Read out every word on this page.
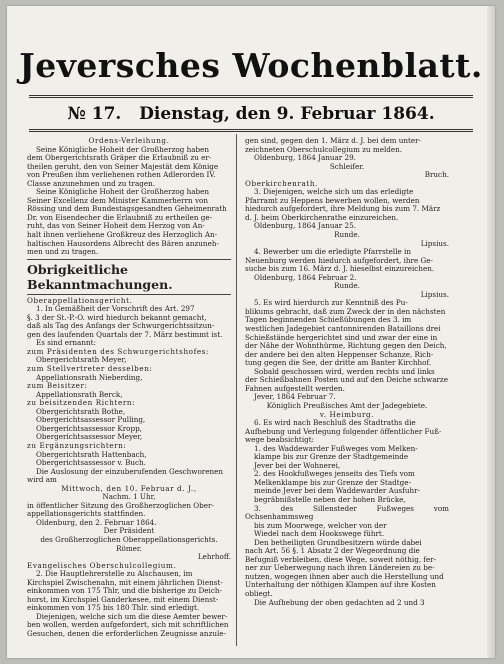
Jeversches Wochenblatt.
№ 17. Dienstag, den 9. Februar 1864.

Ordens-Verleihung.

Seine Königliche Hoheit der Großherzog haben

dem Obergerichtsrath Gräper die Erlaubniß zu er-

theilen geruht, den von Seiner Majestät dem Könige

von Preußen ihm verliehenen rothen Adlerorden IV.

Classe anzunehmen und zu tragen.

Seine Königliche Hoheit der Großherzog haben

Seiner Excellenz dem Minister Kammerherrn von

Rössing und dem Bundestagsgesandten Geheimenrath

Dr. von Eisendecher die Erlaubniß zu ertheilen ge-

ruht, das von Seiner Hoheit dem Herzog von An-

halt ihnen verliehene Großkreuz des Herzoglich An-

haltischen Hausordens Albrecht des Bären anzuneh-

men und zu tragen.

Obrigkeitliche Bekanntmachungen.

Oberappellationsgericht.

1. In Gemäßheit der Vorschrift des Art. 297

§. 3 der St.-P.-O. wird hiedurch bekannt gemacht,

daß als Tag des Anfangs der Schwurgerichtssitzun-

gen des laufenden Quartals der 7. März bestimmt ist.

Es sind ernannt:

zum Präsidenten des Schwurgerichtshofes:

Obergerichtsrath Meyer,

zum Stellvertreter desselben:

Appellationsrath Nieberding,

zum Beisitzer:

Appellationsrath Berck,

zu beisitzenden Richtern:

Obergerichtsrath Bothe,

Obergerichtsassessor Pulling,

Obergerichtsassessor Kropp,

Obergerichtsassessor Meyer,

zu Ergänzungsrichtern:

Obergerichtsrath Hattenbach,

Obergerichtsassessor v. Buch.

Die Auslosung der einzuberufenden Geschworenen

wird am

Mittwoch, den 10. Februar d. J.,

Nachm. 1 Uhr,

in öffentlicher Sitzung des Großherzoglichen Ober-

appellationsgerichts stattfinden.

Oldenburg, den 2. Februar 1864.

Der Präsident

des Großherzoglichen Oberappellationsgerichts.

Römer.

Lehrhoff.

Evangelisches Oberschulcollegium.

2. Die Hauptlehrerstelle zu Alschausen, im

Kirchspiel Zwischenahn, mit einem jährlichen Dienst-

einkommen von 175 Thlr, und die bisherige zu Deich-

horst, im Kirchspiel Ganderkesee, mit einem Dienst-

einkommen von 175 bis 180 Thlr. sind erledigt.

Diejenigen, welche sich um die diese Aemter bewer-

ben wollen, werden aufgefordert, sich mit schriftlichen

Gesuchen, denen die erforderlichen Zeugnisse anzule-

gen sind, gegen den 1. März d. J. bei dem unter-

zeichneten Oberschulcollegium zu melden.

Oldenburg, 1864 Januar 29.

Schleifer.

Bruch.

Oberkirchenrath.

3. Diejenigen, welche sich um das erledigte

Pfarramt zu Heppens bewerben wollen, werden

hiedurch aufgefordert, ihre Meldung bis zum 7. März

d. J. beim Oberkirchenrathe einzureichen.

Oldenburg, 1864 Januar 25.

Runde.

Lipsius.

4. Bewerber um die erledigte Pfarrstelle in

Neuenburg werden hiedurch aufgefordert, ihre Ge-

suche bis zum 16. März d. J. hieselbst einzureichen.

Oldenburg, 1864 Februar 2.

Runde.

Lipsius.

5. Es wird hierdurch zur Kenntniß des Pu-

blikums gebracht, daß zum Zweck der in den nächsten

Tagen beginnenden Schießübungen des 3. im

westlichen Jadegebiet cantonnirenden Bataillons drei

Schießstände hergerichtet sind und zwar der eine in

der Nähe der Wohnthürme, Richtung gegen den Deich,

der andere bei den alten Heppenser Schanze, Rich-

tung gegen die See, der dritte am Banter Kirchhof.

Sobald geschossen wird, werden rechts und links

der Schießbahnen Posten und auf den Deiche schwarze

Fahnen aufgestellt werden.

Jever, 1864 Februar 7.

Königlich Preußisches Amt der Jadegebiete.

v. Heimburg.

6. Es wird nach Beschluß des Stadtraths die

Aufhebung und Verlegung folgender öffentlicher Fuß-

wege beabsichtigt:

1. des Waddewarder Fußweges vom Melken-

klampe bis zur Grenze der Stadtgemeinde

Jever bei der Wohnerei,

2. des Hookfußweges jenseits des Tiefs vom

Melkenklampe bis zur Grenze der Stadtge-

meinde Jever bei dem Waddewarder Ausfuhr-

begräbnißstelle neben der hohen Brücke,

3. des Sillensteder Fußweges vom Ochsenhammsweg

bis zum Moorwege, welcher von der

Wiedel nach dem Hookswege führt.

Den betheiligten Grundbesitzern würde dabei

nach Art. 56 §. 1 Absatz 2 der Wegeordnung die

Befugniß verbleiben, diese Wege, soweit nöthig, fer-

ner zur Ueberwegung nach ihren Ländereien zu be-

nutzen, wogegen ihnen aber auch die Herstellung und

Unterhaltung der nöthigen Klampen auf ihre Kosten

obliegt.

Die Aufhebung der oben gedachten ad 2 und 3
